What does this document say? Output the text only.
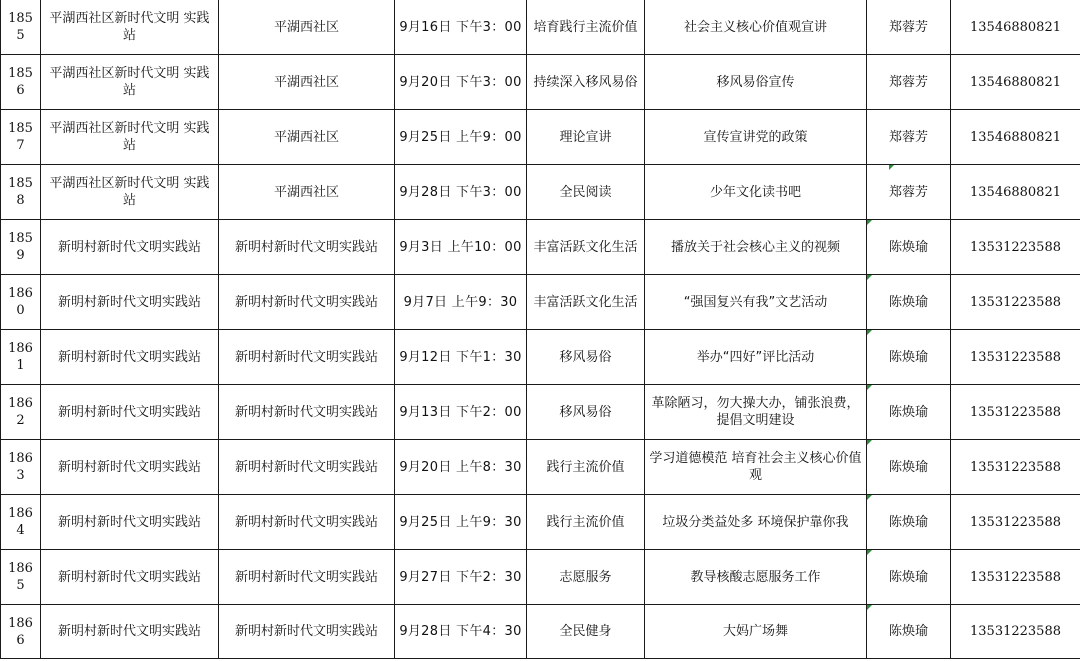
1855	平湖西社区新时代文明 实践站	平湖西社区	9月16日 下午3：00	培育践行主流价值	社会主义核心价值观宣讲	郑蓉芳	13546880821
1856	平湖西社区新时代文明 实践站	平湖西社区	9月20日 下午3：00	持续深入移风易俗	移风易俗宣传	郑蓉芳	13546880821
1857	平湖西社区新时代文明 实践站	平湖西社区	9月25日 上午9：00	理论宣讲	宣传宣讲党的政策	郑蓉芳	13546880821
1858	平湖西社区新时代文明 实践站	平湖西社区	9月28日 下午3：00	全民阅读	少年文化读书吧	郑蓉芳	13546880821
1859	新明村新时代文明实践站	新明村新时代文明实践站	9月3日 上午10：00	丰富活跃文化生活	播放关于社会核心主义的视频	陈焕瑜	13531223588
1860	新明村新时代文明实践站	新明村新时代文明实践站	9月7日 上午9：30	丰富活跃文化生活	“强国复兴有我”文艺活动	陈焕瑜	13531223588
1861	新明村新时代文明实践站	新明村新时代文明实践站	9月12日 下午1：30	移风易俗	举办“四好”评比活动	陈焕瑜	13531223588
1862	新明村新时代文明实践站	新明村新时代文明实践站	9月13日 下午2：00	移风易俗	革除陋习，勿大操大办，铺张浪费，提倡文明建设	陈焕瑜	13531223588
1863	新明村新时代文明实践站	新明村新时代文明实践站	9月20日 上午8：30	践行主流价值	学习道德模范 培育社会主义核心价值观	陈焕瑜	13531223588
1864	新明村新时代文明实践站	新明村新时代文明实践站	9月25日 上午9：30	践行主流价值	垃圾分类益处多 环境保护靠你我	陈焕瑜	13531223588
1865	新明村新时代文明实践站	新明村新时代文明实践站	9月27日 下午2：30	志愿服务	教导核酸志愿服务工作	陈焕瑜	13531223588
1866	新明村新时代文明实践站	新明村新时代文明实践站	9月28日 下午4：30	全民健身	大妈广场舞	陈焕瑜	13531223588
